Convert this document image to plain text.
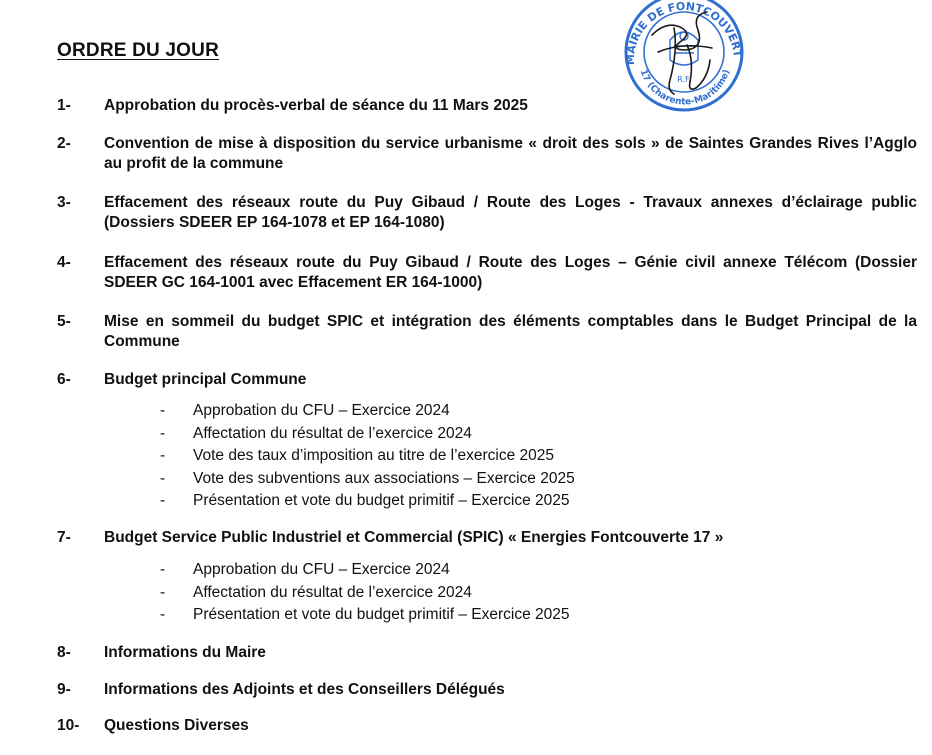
MAIRIE DE FONTCOUVERT
17 (Charente-Maritime)
R.F.
ORDRE DU JOUR
1-	Approbation du procès-verbal de séance du 11 Mars 2025
2-	Convention de mise à disposition du service urbanisme « droit des sols » de Saintes Grandes Rives l’Agglo au profit de la commune
3-	Effacement des réseaux route du Puy Gibaud / Route des Loges - Travaux annexes d’éclairage public (Dossiers SDEER EP 164-1078 et EP 164-1080)
4-	Effacement des réseaux route du Puy Gibaud / Route des Loges – Génie civil annexe Télécom (Dossier SDEER GC 164-1001 avec Effacement ER 164-1000)
5-	Mise en sommeil du budget SPIC et intégration des éléments comptables dans le Budget Principal de la Commune
6-	Budget principal Commune
- Approbation du CFU – Exercice 2024
- Affectation du résultat de l’exercice 2024
- Vote des taux d’imposition au titre de l’exercice 2025
- Vote des subventions aux associations – Exercice 2025
- Présentation et vote du budget primitif – Exercice 2025
7-	Budget Service Public Industriel et Commercial (SPIC) « Energies Fontcouverte 17 »
- Approbation du CFU – Exercice 2024
- Affectation du résultat de l’exercice 2024
- Présentation et vote du budget primitif – Exercice 2025
8-	Informations du Maire
9-	Informations des Adjoints et des Conseillers Délégués
10-	Questions Diverses
